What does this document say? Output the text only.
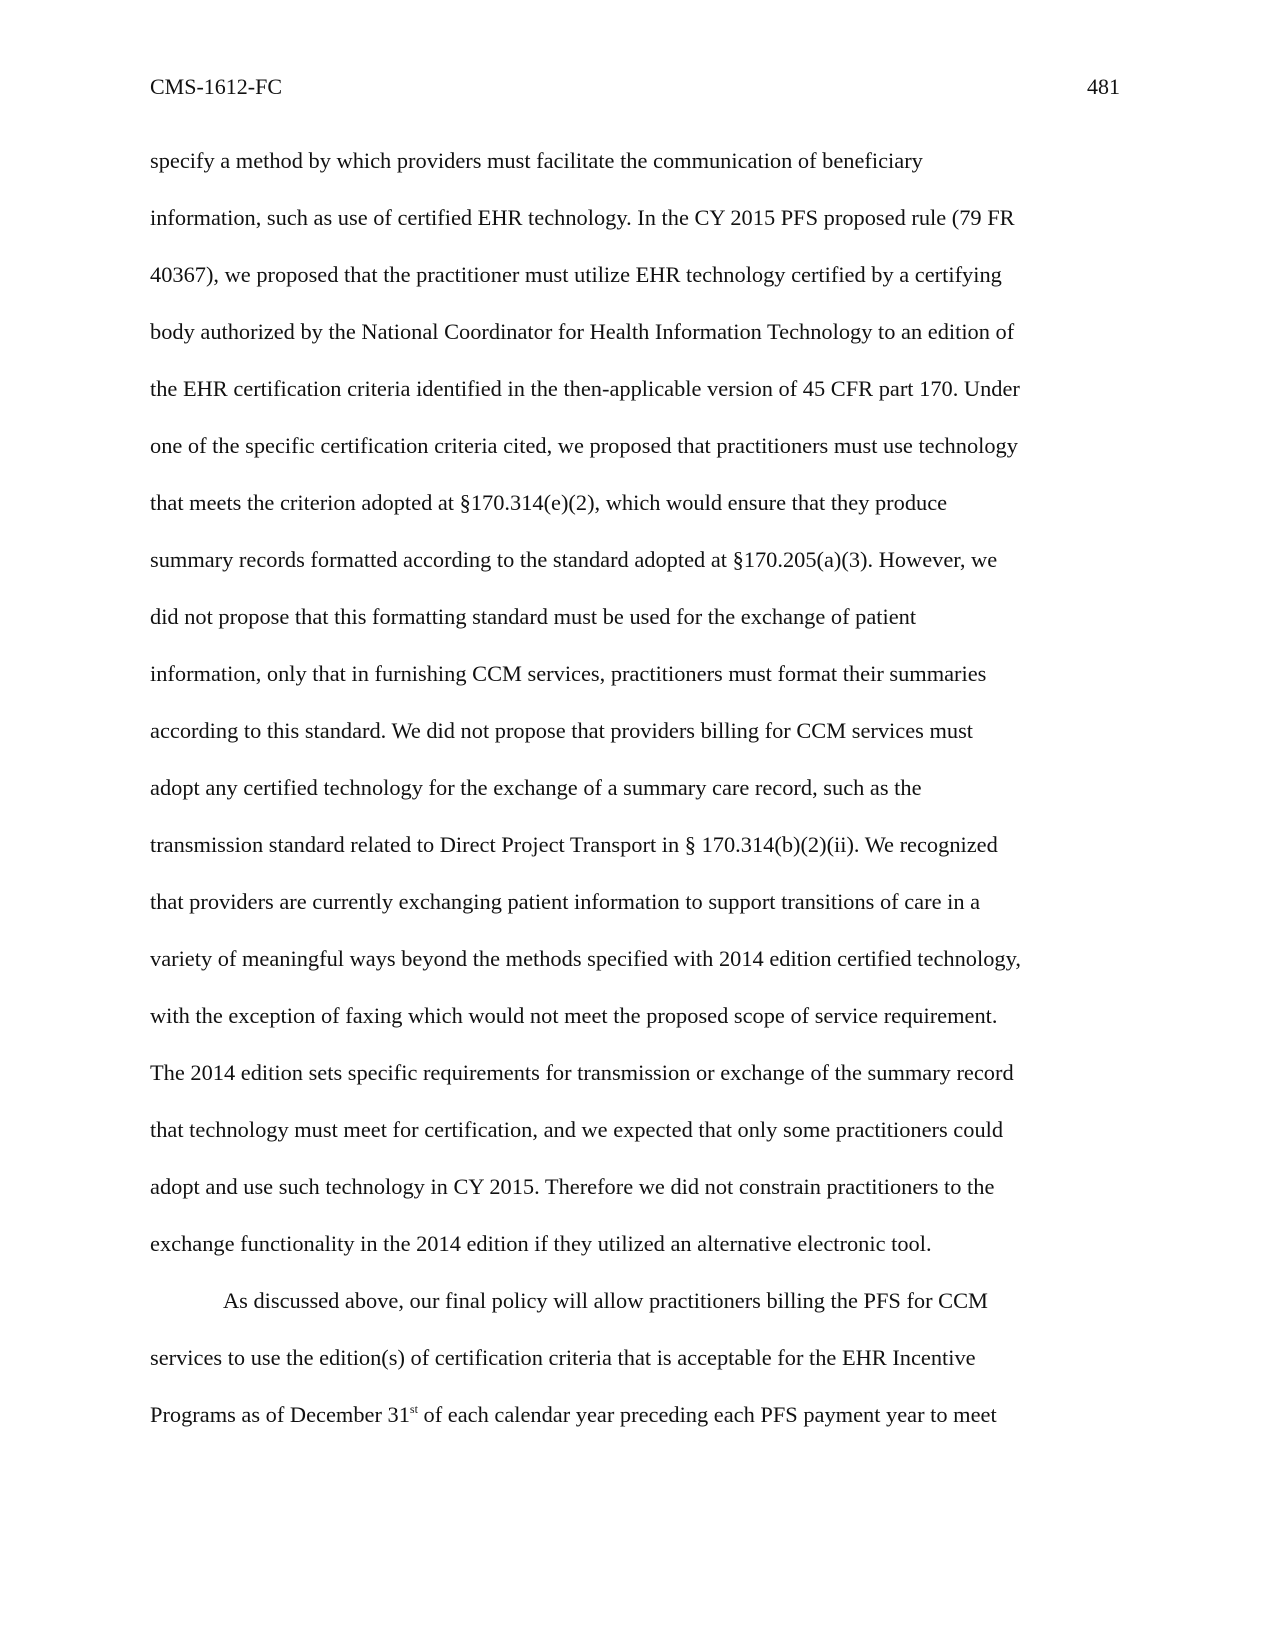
CMS-1612-FC	481
specify a method by which providers must facilitate the communication of beneficiary
information, such as use of certified EHR technology. In the CY 2015 PFS proposed rule (79 FR
40367), we proposed that the practitioner must utilize EHR technology certified by a certifying
body authorized by the National Coordinator for Health Information Technology to an edition of
the EHR certification criteria identified in the then-applicable version of 45 CFR part 170. Under
one of the specific certification criteria cited, we proposed that practitioners must use technology
that meets the criterion adopted at §170.314(e)(2), which would ensure that they produce
summary records formatted according to the standard adopted at §170.205(a)(3). However, we
did not propose that this formatting standard must be used for the exchange of patient
information, only that in furnishing CCM services, practitioners must format their summaries
according to this standard. We did not propose that providers billing for CCM services must
adopt any certified technology for the exchange of a summary care record, such as the
transmission standard related to Direct Project Transport in § 170.314(b)(2)(ii). We recognized
that providers are currently exchanging patient information to support transitions of care in a
variety of meaningful ways beyond the methods specified with 2014 edition certified technology,
with the exception of faxing which would not meet the proposed scope of service requirement.
The 2014 edition sets specific requirements for transmission or exchange of the summary record
that technology must meet for certification, and we expected that only some practitioners could
adopt and use such technology in CY 2015. Therefore we did not constrain practitioners to the
exchange functionality in the 2014 edition if they utilized an alternative electronic tool.
As discussed above, our final policy will allow practitioners billing the PFS for CCM
services to use the edition(s) of certification criteria that is acceptable for the EHR Incentive
Programs as of December 31st of each calendar year preceding each PFS payment year to meet
